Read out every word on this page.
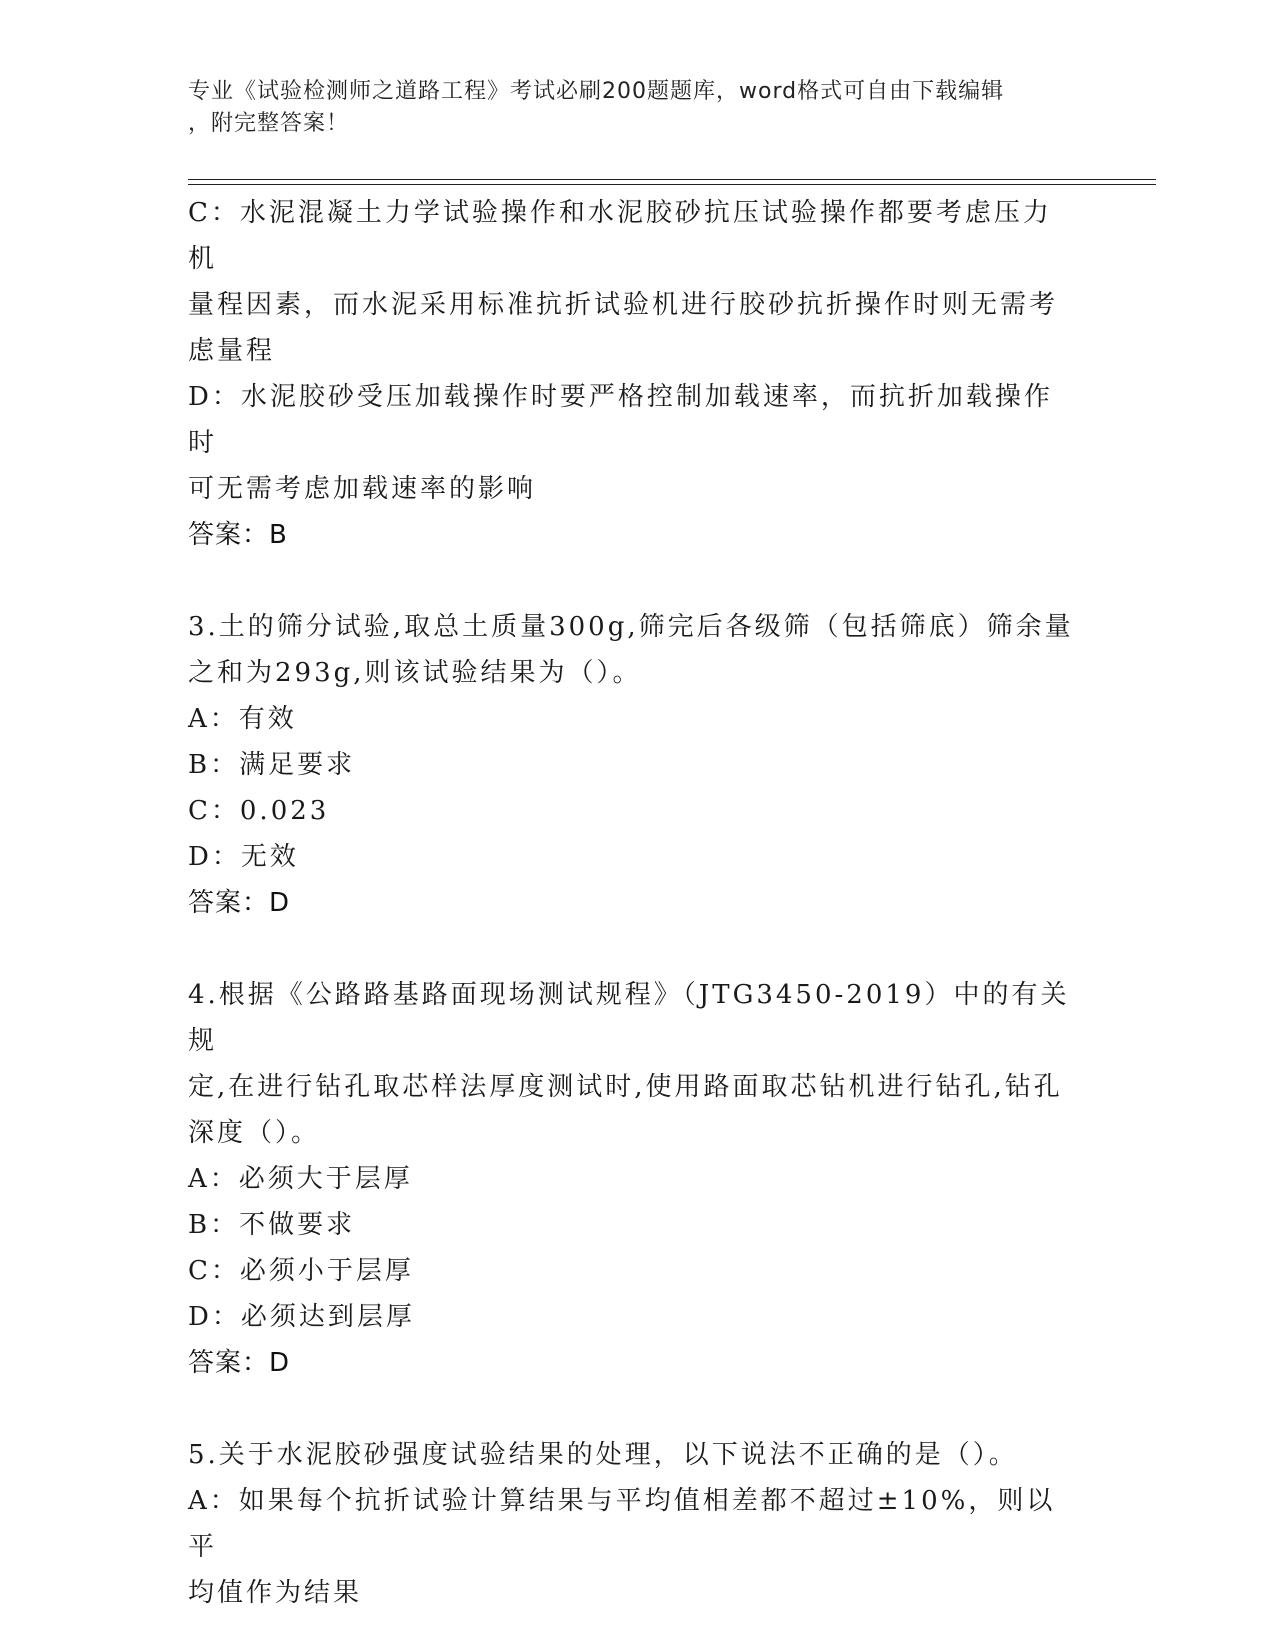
专业《试验检测师之道路工程》考试必刷200题题库，word格式可自由下载编辑
，附完整答案！
C：水泥混凝土力学试验操作和水泥胶砂抗压试验操作都要考虑压力机
量程因素，而水泥采用标准抗折试验机进行胶砂抗折操作时则无需考
虑量程
D：水泥胶砂受压加载操作时要严格控制加载速率，而抗折加载操作时
可无需考虑加载速率的影响
答案：B
3.土的筛分试验,取总土质量300g,筛完后各级筛（包括筛底）筛余量
之和为293g,则该试验结果为（）。
A：有效
B：满足要求
C：0.023
D：无效
答案：D
4.根据《公路路基路面现场测试规程》（JTG3450-2019）中的有关规
定,在进行钻孔取芯样法厚度测试时,使用路面取芯钻机进行钻孔,钻孔
深度（）。
A：必须大于层厚
B：不做要求
C：必须小于层厚
D：必须达到层厚
答案：D
5.关于水泥胶砂强度试验结果的处理，以下说法不正确的是（）。
A：如果每个抗折试验计算结果与平均值相差都不超过±10%，则以平
均值作为结果
